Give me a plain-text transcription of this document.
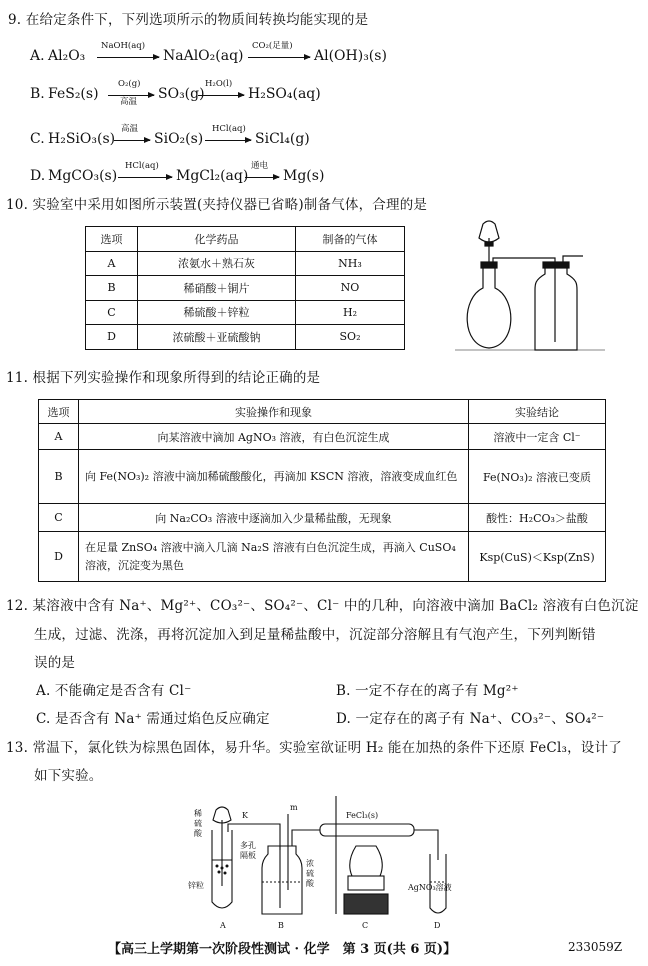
9. 在给定条件下，下列选项所示的物质间转换均能实现的是
A. Al₂O₃
NaOH(aq)
NaAlO₂(aq)
CO₂(足量)
Al(OH)₃(s)
B. FeS₂(s)
O₂(g)
高温 SO₃(g)
H₂O(l)
H₂SO₄(aq)
C. H₂SiO₃(s)
高温
SiO₂(s)
HCl(aq)
SiCl₄(g)
D. MgCO₃(s)
HCl(aq)
MgCl₂(aq)
通电
Mg(s)
10. 实验室中采用如图所示装置(夹持仪器已省略)制备气体，合理的是
选项	化学药品	制备的气体
A	浓氨水＋熟石灰	NH₃
B	稀硝酸＋铜片	NO
C	稀硫酸＋锌粒	H₂
D	浓硫酸＋亚硫酸钠	SO₂
11. 根据下列实验操作和现象所得到的结论正确的是
选项	实验操作和现象	实验结论
A	向某溶液中滴加 AgNO₃ 溶液，有白色沉淀生成	溶液中一定含 Cl⁻
B	向 Fe(NO₃)₂ 溶液中滴加稀硫酸酸化，再滴加 KSCN 溶液，溶液变成血红色	Fe(NO₃)₂ 溶液已变质
C	向 Na₂CO₃ 溶液中逐滴加入少量稀盐酸，无现象	酸性：H₂CO₃＞盐酸
D	在足量 ZnSO₄ 溶液中滴入几滴 Na₂S 溶液有白色沉淀生成，再滴入 CuSO₄ 溶液，沉淀变为黑色	Ksp(CuS)＜Ksp(ZnS)
12. 某溶液中含有 Na⁺、Mg²⁺、CO₃²⁻、SO₄²⁻、Cl⁻ 中的几种，向溶液中滴加 BaCl₂ 溶液有白色沉淀
生成，过滤、洗涤，再将沉淀加入到足量稀盐酸中，沉淀部分溶解且有气泡产生，下列判断错
误的是
A. 不能确定是否含有 Cl⁻	B. 一定不存在的离子有 Mg²⁺
C. 是否含有 Na⁺ 需通过焰色反应确定	D. 一定存在的离子有 Na⁺、CO₃²⁻、SO₄²⁻
13. 常温下，氯化铁为棕黑色固体，易升华。实验室欲证明 H₂ 能在加热的条件下还原 FeCl₃，设计了
如下实验。
稀
硫
酸
K
m
多孔
隔板
锌粒
浓
硫
酸
FeCl₃(s)
AgNO₃溶液
A	B	C	D
【高三上学期第一次阶段性测试 · 化学　第 3 页(共 6 页)】	233059Z
